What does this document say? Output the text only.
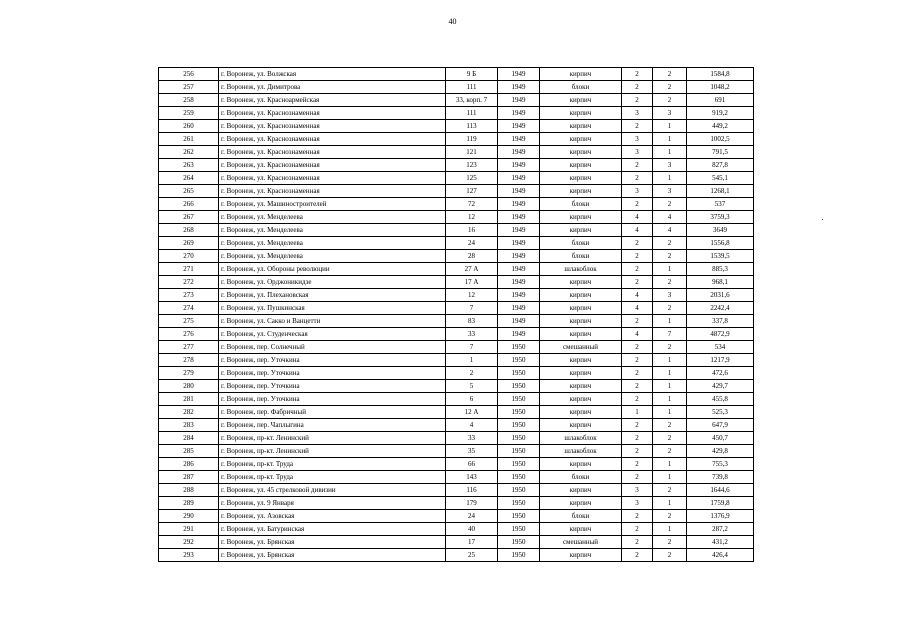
40
256	г. Воронеж, ул. Волжская	9 Б	1949	кирпич	2	2	1584,8
257	г. Воронеж, ул. Димитрова	111	1949	блоки	2	2	1048,2
258	г. Воронеж, ул. Красноармейская	33, корп. 7	1949	кирпич	2	2	691
259	г. Воронеж, ул. Краснознаменная	111	1949	кирпич	3	3	919,2
260	г. Воронеж, ул. Краснознаменная	113	1949	кирпич	2	1	449,2
261	г. Воронеж, ул. Краснознаменная	119	1949	кирпич	3	1	1002,5
262	г. Воронеж, ул. Краснознаменная	121	1949	кирпич	3	1	791,5
263	г. Воронеж, ул. Краснознаменная	123	1949	кирпич	2	3	827,8
264	г. Воронеж, ул. Краснознаменная	125	1949	кирпич	2	1	545,1
265	г. Воронеж, ул. Краснознаменная	127	1949	кирпич	3	3	1268,1
266	г. Воронеж, ул. Машиностроителей	72	1949	блоки	2	2	537
267	г. Воронеж, ул. Менделеева	12	1949	кирпич	4	4	3759,3
268	г. Воронеж, ул. Менделеева	16	1949	кирпич	4	4	3649
269	г. Воронеж, ул. Менделеева	24	1949	блоки	2	2	1556,8
270	г. Воронеж, ул. Менделеева	28	1949	блоки	2	2	1539,5
271	г. Воронеж, ул. Обороны революции	27 А	1949	шлакоблок	2	1	885,3
272	г. Воронеж, ул. Орджоникидзе	17 А	1949	кирпич	2	2	968,1
273	г. Воронеж, ул. Плехановская	12	1949	кирпич	4	3	2031,6
274	г. Воронеж, ул. Пушкинская	7	1949	кирпич	4	2	2242,4
275	г. Воронеж, ул. Сакко и Ванцетти	83	1949	кирпич	2	1	337,8
276	г. Воронеж, ул. Студенческая	33	1949	кирпич	4	7	4872,9
277	г. Воронеж, пер. Солнечный	7	1950	смешанный	2	2	534
278	г. Воронеж, пер. Уточкина	1	1950	кирпич	2	1	1217,9
279	г. Воронеж, пер. Уточкина	2	1950	кирпич	2	1	472,6
280	г. Воронеж, пер. Уточкина	5	1950	кирпич	2	1	429,7
281	г. Воронеж, пер. Уточкина	6	1950	кирпич	2	1	455,8
282	г. Воронеж, пер. Фабричный	12 А	1950	кирпич	1	1	525,3
283	г. Воронеж, пер. Чаплыгина	4	1950	кирпич	2	2	647,9
284	г. Воронеж, пр-кт. Ленинский	33	1950	шлакоблок	2	2	450,7
285	г. Воронеж, пр-кт. Ленинский	35	1950	шлакоблок	2	2	429,8
286	г. Воронеж, пр-кт. Труда	66	1950	кирпич	2	1	755,3
287	г. Воронеж, пр-кт. Труда	143	1950	блоки	2	1	739,8
288	г. Воронеж, ул. 45 стрелковой дивизии	116	1950	кирпич	3	2	1644,6
289	г. Воронеж, ул. 9 Января	179	1950	кирпич	3	1	1759,8
290	г. Воронеж, ул. Азовская	24	1950	блоки	2	2	1376,9
291	г. Воронеж, ул. Батуринская	40	1950	кирпич	2	1	287,2
292	г. Воронеж, ул. Брянская	17	1950	смешанный	2	2	431,2
293	г. Воронеж, ул. Брянская	25	1950	кирпич	2	2	426,4
